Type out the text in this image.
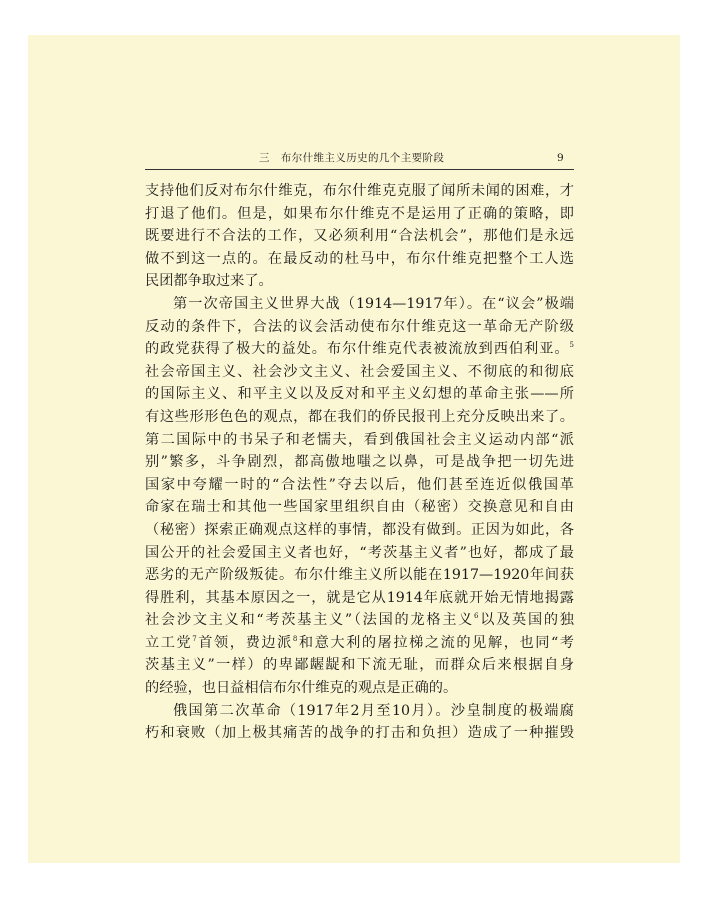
三　布尔什维主义历史的几个主要阶段	9
支持他们反对布尔什维克，布尔什维克克服了闻所未闻的困难，才
打退了他们。但是，如果布尔什维克不是运用了正确的策略，即
既要进行不合法的工作，又必须利用“合法机会”，那他们是永远
做不到这一点的。在最反动的杜马中，布尔什维克把整个工人选
民团都争取过来了。
第一次帝国主义世界大战（1914—1917年）。在“议会”极端
反动的条件下，合法的议会活动使布尔什维克这一革命无产阶级
的政党获得了极大的益处。布尔什维克代表被流放到西伯利亚。$^5$
社会帝国主义、社会沙文主义、社会爱国主义、不彻底的和彻底
的国际主义、和平主义以及反对和平主义幻想的革命主张——所
有这些形形色色的观点，都在我们的侨民报刊上充分反映出来了。
第二国际中的书呆子和老懦夫，看到俄国社会主义运动内部“派
别”繁多，斗争剧烈，都高傲地嗤之以鼻，可是战争把一切先进
国家中夸耀一时的“合法性”夺去以后，他们甚至连近似俄国革
命家在瑞士和其他一些国家里组织自由（秘密）交换意见和自由
（秘密）探索正确观点这样的事情，都没有做到。正因为如此，各
国公开的社会爱国主义者也好，“考茨基主义者”也好，都成了最
恶劣的无产阶级叛徒。布尔什维主义所以能在1917—1920年间获
得胜利，其基本原因之一，就是它从1914年底就开始无情地揭露
社会沙文主义和“考茨基主义”（法国的龙格主义$^6$以及英国的独
立工党$^7$首领，费边派$^8$和意大利的屠拉梯之流的见解，也同“考
茨基主义”一样）的卑鄙龌龊和下流无耻，而群众后来根据自身
的经验，也日益相信布尔什维克的观点是正确的。
俄国第二次革命（1917年2月至10月）。沙皇制度的极端腐
朽和衰败（加上极其痛苦的战争的打击和负担）造成了一种摧毁
